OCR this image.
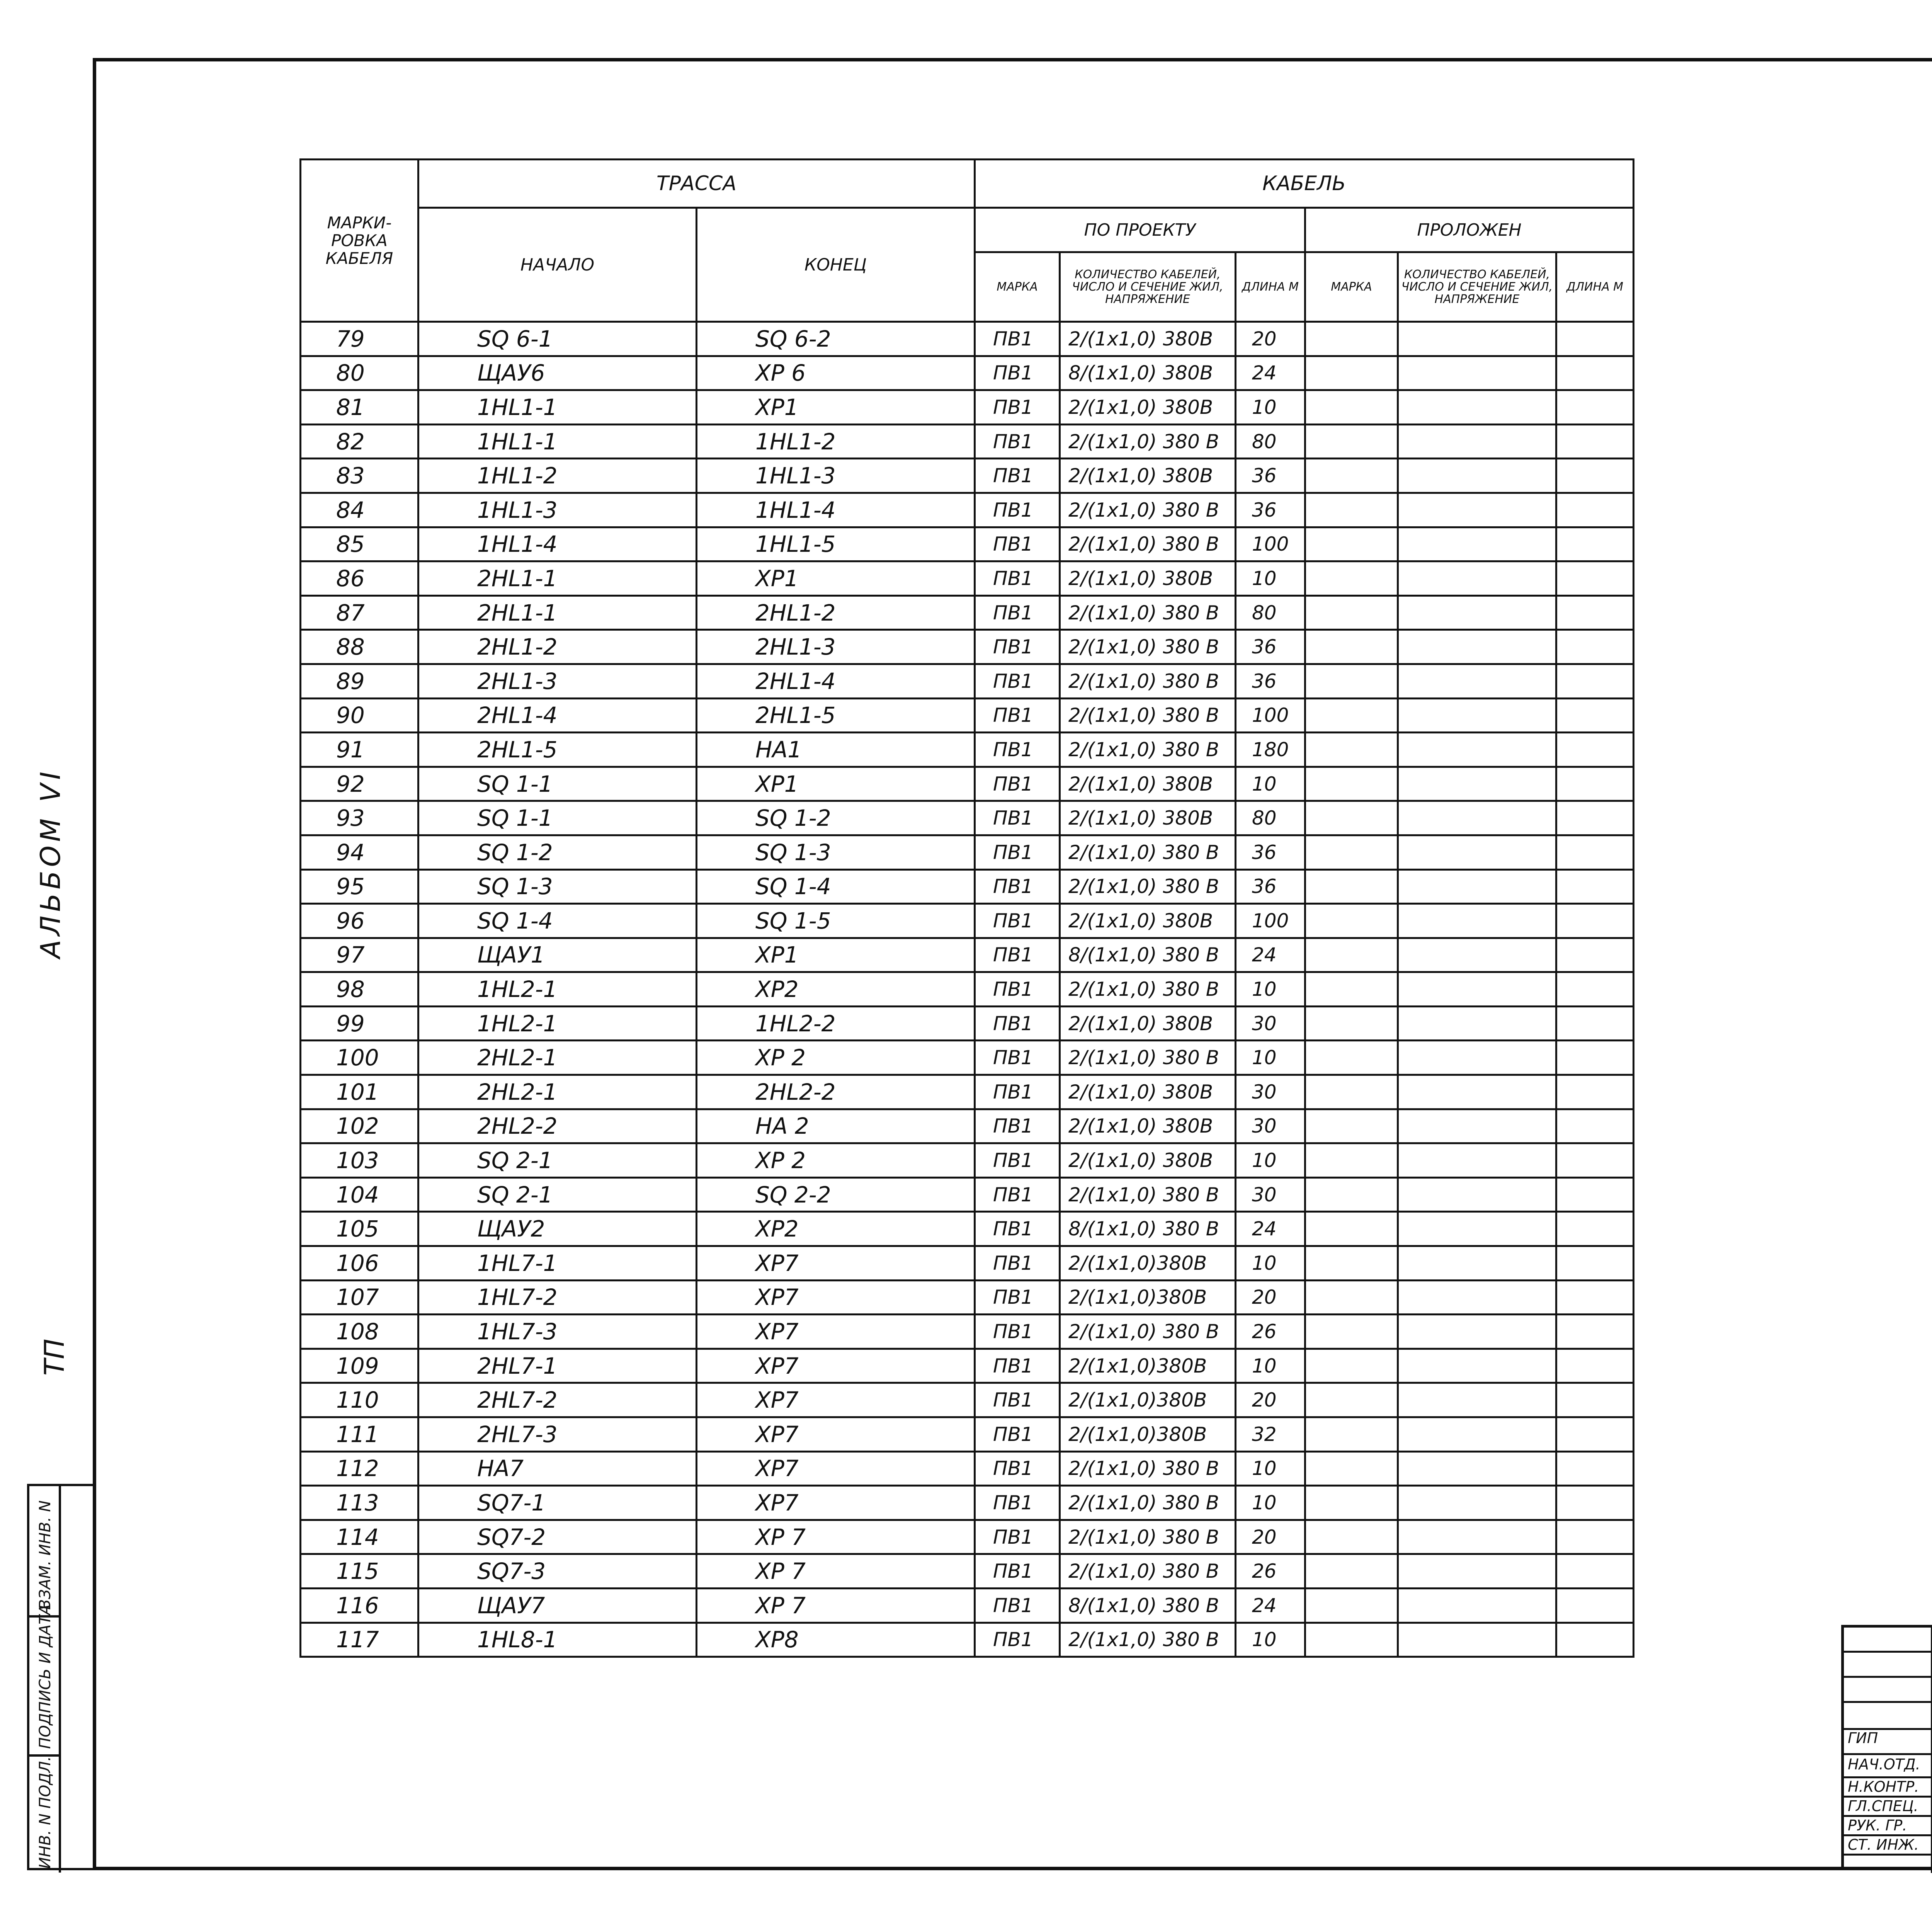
АЛЬБОМ VI
ТП
ВЗАМ. ИНВ. N
ПОДПИСЬ И ДАТА
ИНВ. N ПОДЛ.
МАРКИ-РОВКА КАБЕЛЯ	ТРАССА		КАБЕЛЬ					
	НАЧАЛО	КОНЕЦ	ПО ПРОЕКТУ			ПРОЛОЖЕН		
			МАРКА	КОЛИЧЕСТВО КАБЕЛЕЙ, ЧИСЛО И СЕЧЕНИЕ ЖИЛ, НАПРЯЖЕНИЕ	ДЛИНА М	МАРКА	КОЛИЧЕСТВО КАБЕЛЕЙ, ЧИСЛО И СЕЧЕНИЕ ЖИЛ, НАПРЯЖЕНИЕ	ДЛИНА М
79	SQ 6-1	SQ 6-2	ПВ1	2/(1х1,0) 380В	20			
80	ЩАУ6	ХР 6	ПВ1	8/(1х1,0) 380В	24			
81	1HL1-1	ХР1	ПВ1	2/(1х1,0) 380В	10			
82	1HL1-1	1HL1-2	ПВ1	2/(1х1,0) 380 В	80			
83	1HL1-2	1HL1-3	ПВ1	2/(1х1,0) 380В	36			
84	1HL1-3	1HL1-4	ПВ1	2/(1х1,0) 380 В	36			
85	1HL1-4	1HL1-5	ПВ1	2/(1х1,0) 380 В	100			
86	2HL1-1	ХР1	ПВ1	2/(1х1,0) 380В	10			
87	2HL1-1	2HL1-2	ПВ1	2/(1х1,0) 380 В	80			
88	2HL1-2	2HL1-3	ПВ1	2/(1х1,0) 380 В	36			
89	2HL1-3	2HL1-4	ПВ1	2/(1х1,0) 380 В	36			
90	2HL1-4	2HL1-5	ПВ1	2/(1х1,0) 380 В	100			
91	2HL1-5	НА1	ПВ1	2/(1х1,0) 380 В	180			
92	SQ 1-1	ХР1	ПВ1	2/(1х1,0) 380В	10			
93	SQ 1-1	SQ 1-2	ПВ1	2/(1х1,0) 380В	80			
94	SQ 1-2	SQ 1-3	ПВ1	2/(1х1,0) 380 В	36			
95	SQ 1-3	SQ 1-4	ПВ1	2/(1х1,0) 380 В	36			
96	SQ 1-4	SQ 1-5	ПВ1	2/(1х1,0) 380В	100			
97	ЩАУ1	ХР1	ПВ1	8/(1х1,0) 380 В	24			
98	1HL2-1	ХР2	ПВ1	2/(1х1,0) 380 В	10			
99	1HL2-1	1HL2-2	ПВ1	2/(1х1,0) 380В	30			
100	2HL2-1	ХР 2	ПВ1	2/(1х1,0) 380 В	10			
101	2HL2-1	2HL2-2	ПВ1	2/(1х1,0) 380В	30			
102	2HL2-2	НА 2	ПВ1	2/(1х1,0) 380В	30			
103	SQ 2-1	ХР 2	ПВ1	2/(1х1,0) 380В	10			
104	SQ 2-1	SQ 2-2	ПВ1	2/(1х1,0) 380 В	30			
105	ЩАУ2	ХР2	ПВ1	8/(1х1,0) 380 В	24			
106	1HL7-1	ХР7	ПВ1	2/(1х1,0)380В	10			
107	1HL7-2	ХР7	ПВ1	2/(1х1,0)380В	20			
108	1HL7-3	ХР7	ПВ1	2/(1х1,0) 380 В	26			
109	2HL7-1	ХР7	ПВ1	2/(1х1,0)380В	10			
110	2HL7-2	ХР7	ПВ1	2/(1х1,0)380В	20			
111	2HL7-3	ХР7	ПВ1	2/(1х1,0)380В	32			
112	НА7	ХР7	ПВ1	2/(1х1,0) 380 В	10			
113	SQ7-1	ХР7	ПВ1	2/(1х1,0) 380 В	10			
114	SQ7-2	ХР 7	ПВ1	2/(1х1,0) 380 В	20			
115	SQ7-3	ХР 7	ПВ1	2/(1х1,0) 380 В	26			
116	ЩАУ7	ХР 7	ПВ1	8/(1х1,0) 380 В	24			
117	1HL8-1	ХР8	ПВ1	2/(1х1,0) 380 В	10			
ГИП
НАЧ.ОТД.
Н.КОНТР.
ГЛ.СПЕЦ.
РУК. ГР.
СТ. ИНЖ.
